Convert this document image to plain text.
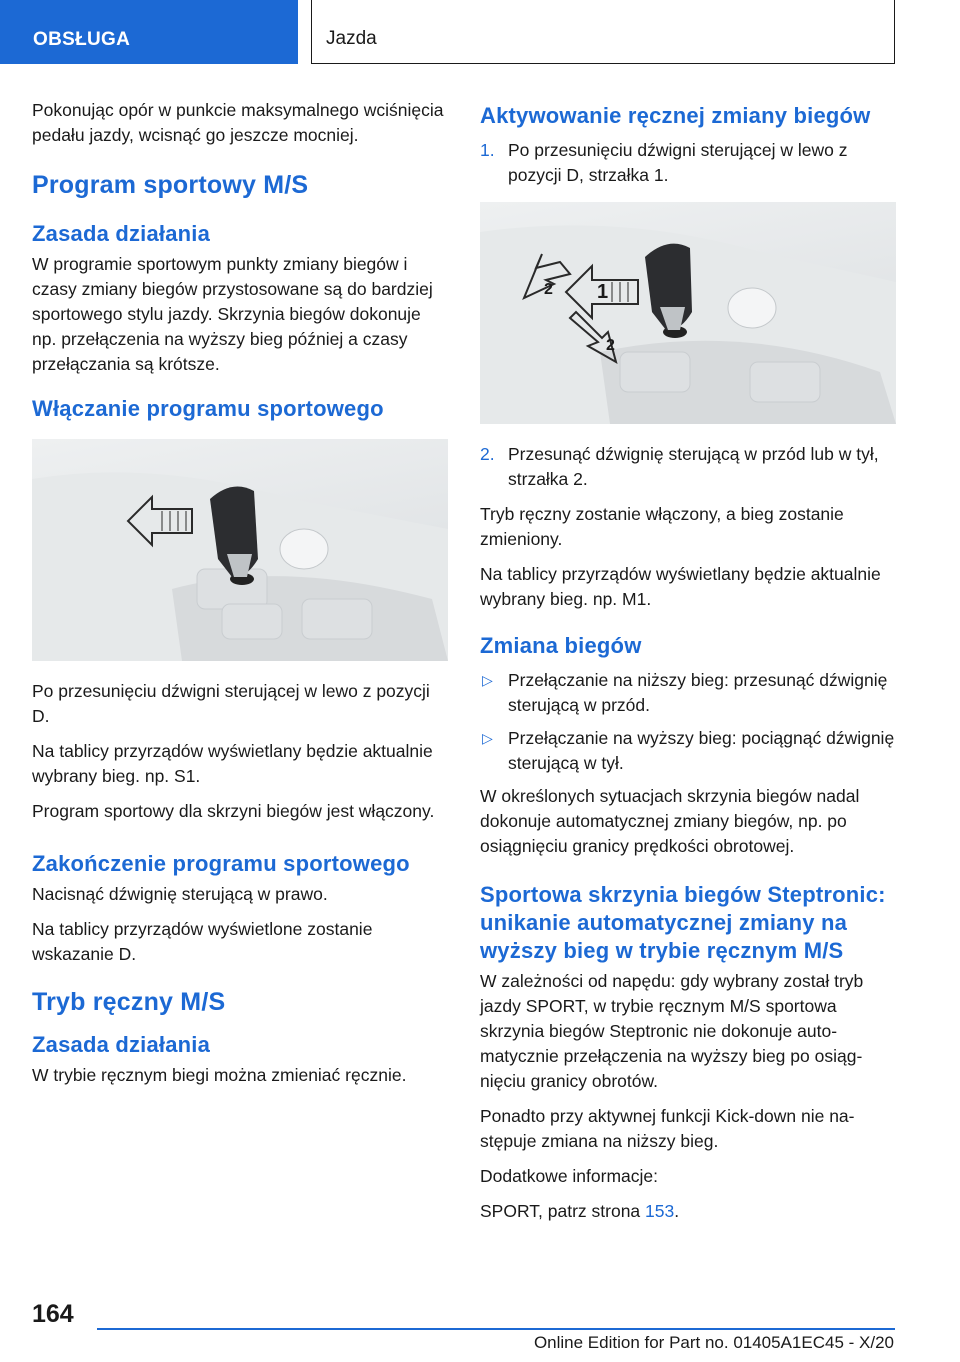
OBSŁUGA	Jazda

Pokonując opór w punkcie maksymalnego wciśnięcia pedału jazdy, wcisnąć go jeszcze mocniej.

Program sportowy M/S
Zasada działania

W programie sportowym punkty zmiany biegów i czasy zmiany biegów przystosowane są do bardziej sportowego stylu jazdy. Skrzynia biegów dokonuje np. przełączenia na wyższy bieg później a czasy przełączania są krótsze.

Włączanie programu sportowego

Po przesunięciu dźwigni sterującej w lewo z pozycji D.

Na tablicy przyrządów wyświetlany będzie aktualnie wybrany bieg. np. S1.

Program sportowy dla skrzyni biegów jest włączony.

Zakończenie programu sportowego

Nacisnąć dźwignię sterującą w prawo.

Na tablicy przyrządów wyświetlone zostanie wskazanie D.

Tryb ręczny M/S
Zasada działania

W trybie ręcznym biegi można zmieniać ręcznie.

Aktywowanie ręcznej zmiany biegów
1. Po przesunięciu dźwigni sterującej w lewo z pozycji D, strzałka 1.
1
2
2
2. Przesunąć dźwignię sterującą w przód lub w tył, strzałka 2.

Tryb ręczny zostanie włączony, a bieg zostanie zmieniony.

Na tablicy przyrządów wyświetlany będzie aktualnie wybrany bieg. np. M1.

Zmiana biegów
▷ Przełączanie na niższy bieg: przesunąć dźwignię sterującą w przód.
▷ Przełączanie na wyższy bieg: pociągnąć dźwignię sterującą w tył.

W określonych sytuacjach skrzynia biegów nadal dokonuje automatycznej zmiany biegów, np. po osiągnięciu granicy prędkości obrotowej.

Sportowa skrzynia biegów Steptronic: unikanie automatycznej zmiany na wyższy bieg w trybie ręcznym M/S

W zależności od napędu: gdy wybrany został tryb jazdy SPORT, w trybie ręcznym M/S sportowa skrzynia biegów Steptronic nie dokonuje automatycznie przełączenia na wyższy bieg po osiągnięciu granicy obrotów.

Ponadto przy aktywnej funkcji Kick-down nie następuje zmiana na niższy bieg.

Dodatkowe informacje:

SPORT, patrz strona 153.

164
Online Edition for Part no. 01405A1EC45 - X/20
